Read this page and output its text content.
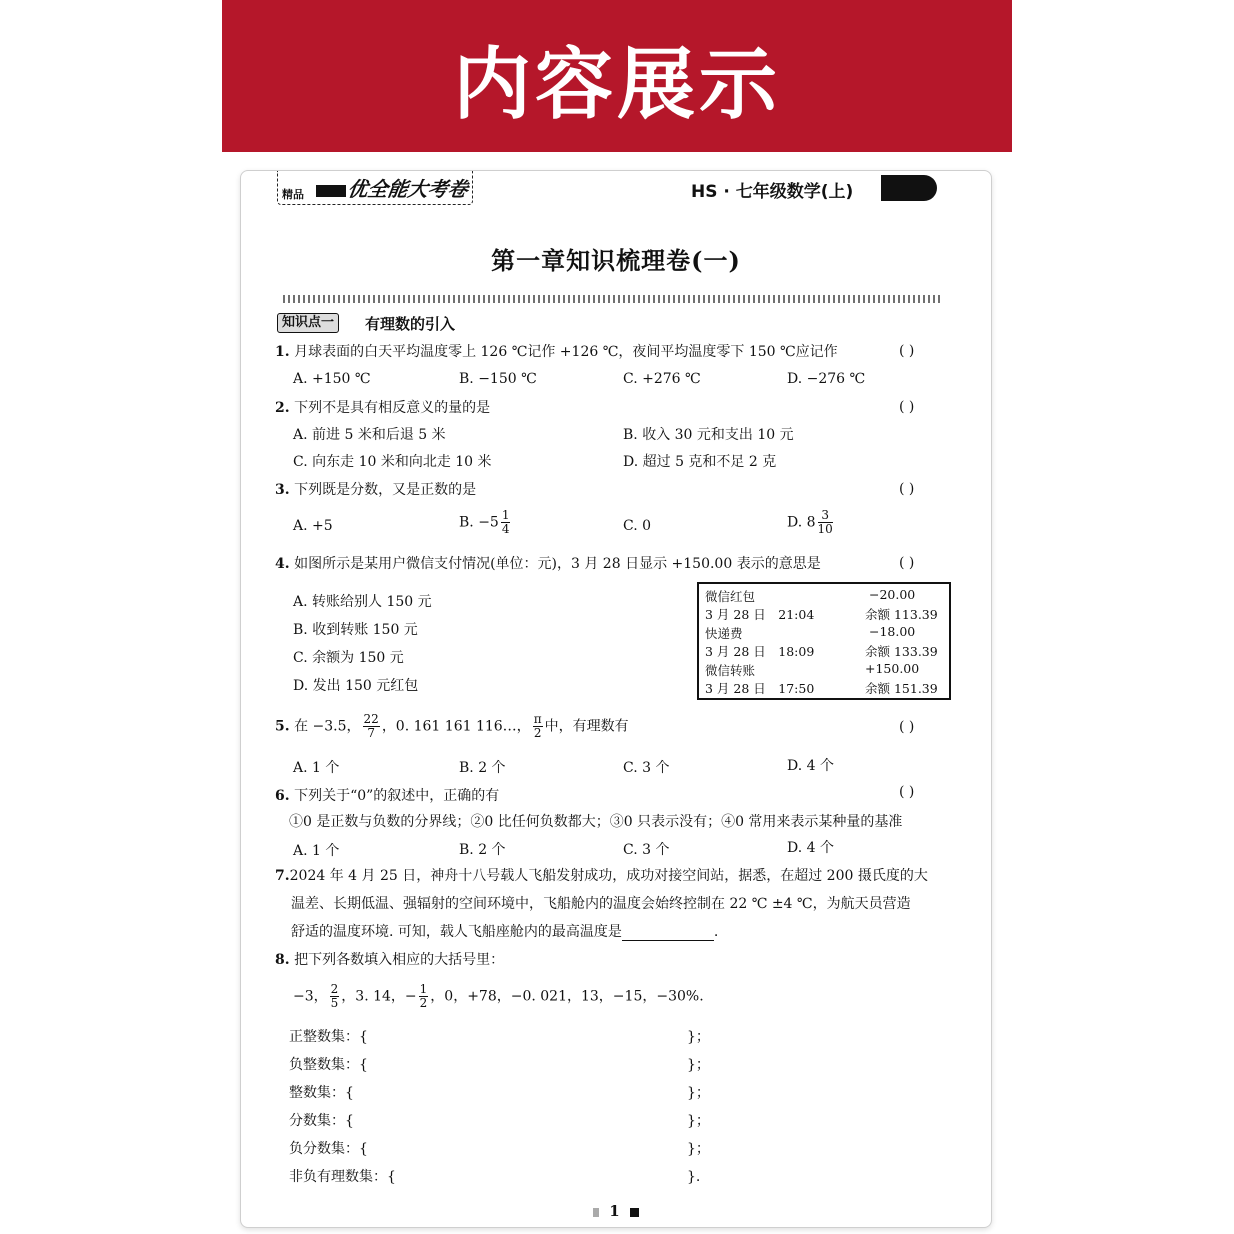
内容展示
精品 优全能大考卷	HS · 七年级数学(上)
第一章知识梳理卷(一)
知识点一	有理数的引入
1. 月球表面的白天平均温度零上 126 ℃记作 +126 ℃，夜间平均温度零下 150 ℃应记作	( )
A. +150 ℃	B. −150 ℃	C. +276 ℃	D. −276 ℃
2. 下列不是具有相反意义的量的是	( )
A. 前进 5 米和后退 5 米	B. 收入 30 元和支出 10 元
C. 向东走 10 米和向北走 10 米	D. 超过 5 克和不足 2 克
3. 下列既是分数，又是正数的是	( )
A. +5	B. $-5 \frac{1}{4}$	C. 0	D. $8 \frac{3}{10}$
4. 如图所示是某用户微信支付情况(单位：元)，3 月 28 日显示 +150.00 表示的意思是	( )
A. 转账给别人 150 元
B. 收到转账 150 元
C. 余额为 150 元
D. 发出 150 元红包
微信红包	−20.00
3 月 28 日　21:04	余额 113.39
快递费	−18.00
3 月 28 日　18:09	余额 133.39
微信转账	+150.00
3 月 28 日　17:50	余额 151.39
5. 在 −3.5， $\frac{22}{7}$ ，0. 161 161 116…， $\frac{\pi}{2}$ 中，有理数有	( )
A. 1 个	B. 2 个	C. 3 个	D. 4 个
6. 下列关于“0”的叙述中，正确的有	( )
①0 是正数与负数的分界线；②0 比任何负数都大；③0 只表示没有；④0 常用来表示某种量的基准
A. 1 个	B. 2 个	C. 3 个	D. 4 个
7.2024 年 4 月 25 日，神舟十八号载人飞船发射成功，成功对接空间站，据悉，在超过 200 摄氏度的大
温差、长期低温、强辐射的空间环境中，飞船舱内的温度会始终控制在 22 ℃ ±4 ℃，为航天员营造
舒适的温度环境. 可知，载人飞船座舱内的最高温度是	.
8. 把下列各数填入相应的大括号里：
−3， $\frac{2}{5}$ ，3. 14，− $\frac{1}{2}$ ，0，+78，−0. 021，13，−15，−30%.
正整数集：{	}；
负整数集：{	}；
整数集：{	}；
分数集：{	}；
负分数集：{	}；
非负有理数集：{	}.
1
